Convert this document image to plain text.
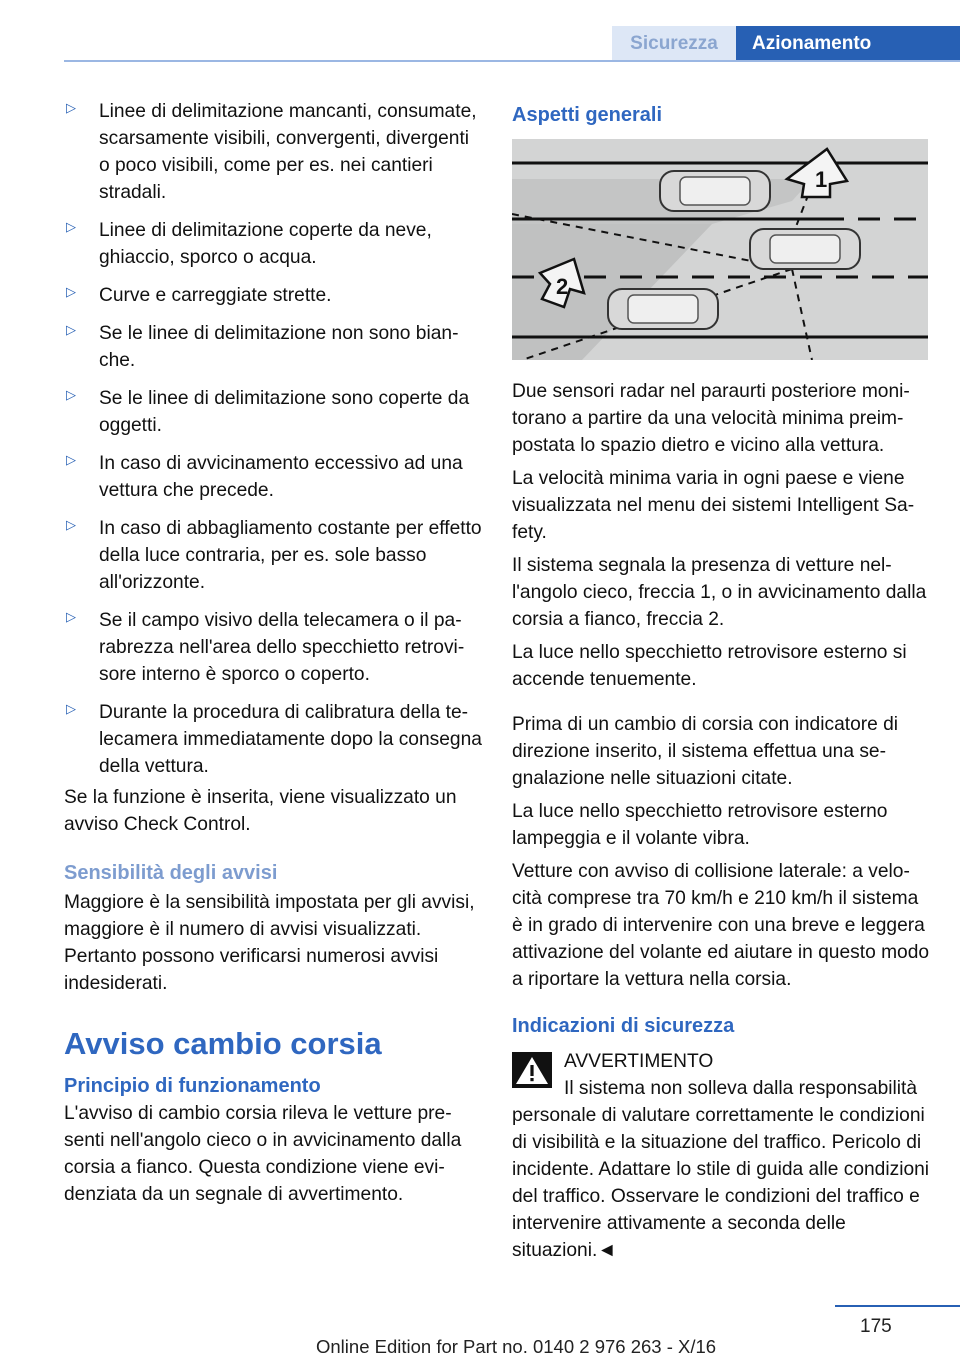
Sicurezza	Azionamento
▷ Linee di delimitazione mancanti, consumate, scarsamente visibili, convergenti, divergenti o poco visibili, come per es. nei cantieri stradali.
▷ Linee di delimitazione coperte da neve, ghiaccio, sporco o acqua.
▷ Curve e carreggiate strette.
▷ Se le linee di delimitazione non sono bianche.
▷ Se le linee di delimitazione sono coperte da oggetti.
▷ In caso di avvicinamento eccessivo ad una vettura che precede.
▷ In caso di abbagliamento costante per effetto della luce contraria, per es. sole basso all'orizzonte.
▷ Se il campo visivo della telecamera o il parabrezza nell'area dello specchietto retrovisore interno è sporco o coperto.
▷ Durante la procedura di calibratura della telecamera immediatamente dopo la consegna della vettura.

Se la funzione è inserita, viene visualizzato un avviso Check Control.

Sensibilità degli avvisi

Maggiore è la sensibilità impostata per gli avvisi, maggiore è il numero di avvisi visualizzati. Pertanto possono verificarsi numerosi avvisi indesiderati.

Avviso cambio corsia
Principio di funzionamento

L'avviso di cambio corsia rileva le vetture presenti nell'angolo cieco o in avvicinamento dalla corsia a fianco. Questa condizione viene evidenziata da un segnale di avvertimento.

Aspetti generali
1
2

Due sensori radar nel paraurti posteriore monitorano a partire da una velocità minima preimpostata lo spazio dietro e vicino alla vettura.

La velocità minima varia in ogni paese e viene visualizzata nel menu dei sistemi Intelligent Safety.

Il sistema segnala la presenza di vetture nell'angolo cieco, freccia 1, o in avvicinamento dalla corsia a fianco, freccia 2.

La luce nello specchietto retrovisore esterno si accende tenuemente.

Prima di un cambio di corsia con indicatore di direzione inserito, il sistema effettua una segnalazione nelle situazioni citate.

La luce nello specchietto retrovisore esterno lampeggia e il volante vibra.

Vetture con avviso di collisione laterale: a velocità comprese tra 70 km/h e 210 km/h il sistema è in grado di intervenire con una breve e leggera attivazione del volante ed aiutare in questo modo a riportare la vettura nella corsia.

Indicazioni di sicurezza

AVVERTIMENTO

Il sistema non solleva dalla responsabilità personale di valutare correttamente le condizioni di visibilità e la situazione del traffico. Pericolo di incidente. Adattare lo stile di guida alle condizioni del traffico. Osservare le condizioni del traffico e intervenire attivamente a seconda delle situazioni.◄

175
Online Edition for Part no. 0140 2 976 263 - X/16
